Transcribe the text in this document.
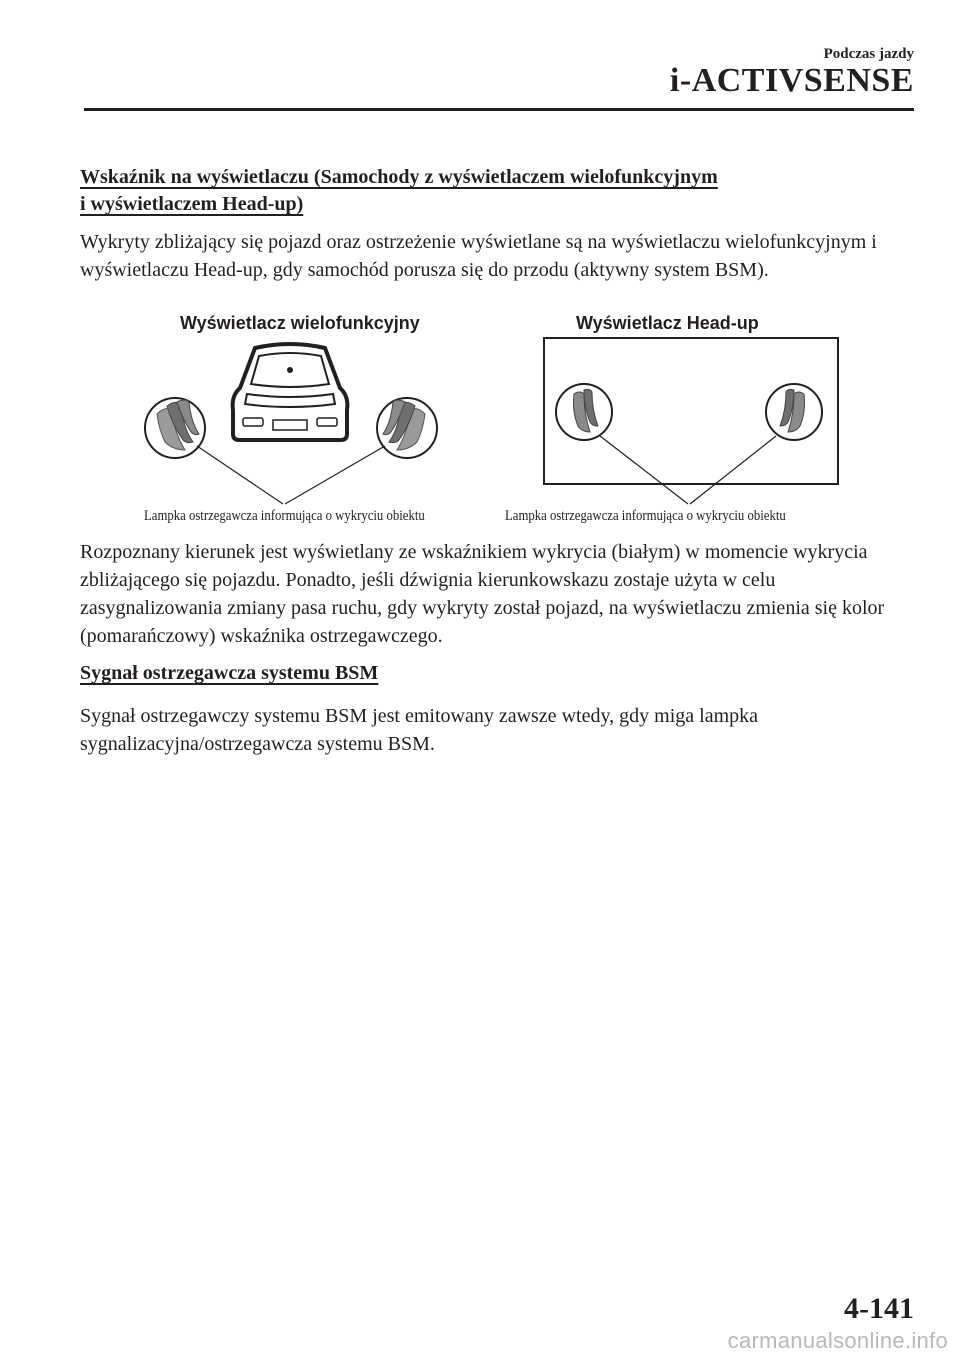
Podczas jazdy
i-ACTIVSENSE
Wskaźnik na wyświetlaczu (Samochody z wyświetlaczem wielofunkcyjnym
i wyświetlaczem Head-up)
Wykryty zbliżający się pojazd oraz ostrzeżenie wyświetlane są na wyświetlaczu wielofunkcyjnym i wyświetlaczu Head-up, gdy samochód porusza się do przodu (aktywny system BSM).
Wyświetlacz wielofunkcyjny	Wyświetlacz Head-up
Lampka ostrzegawcza informująca o wykryciu obiektu	Lampka ostrzegawcza informująca o wykryciu obiektu
Rozpoznany kierunek jest wyświetlany ze wskaźnikiem wykrycia (białym) w momencie wykrycia zbliżającego się pojazdu. Ponadto, jeśli dźwignia kierunkowskazu zostaje użyta w celu zasygnalizowania zmiany pasa ruchu, gdy wykryty został pojazd, na wyświetlaczu zmienia się kolor (pomarańczowy) wskaźnika ostrzegawczego.
Sygnał ostrzegawcza systemu BSM
Sygnał ostrzegawczy systemu BSM jest emitowany zawsze wtedy, gdy miga lampka sygnalizacyjna/ostrzegawcza systemu BSM.
4-141
carmanualsonline.info
